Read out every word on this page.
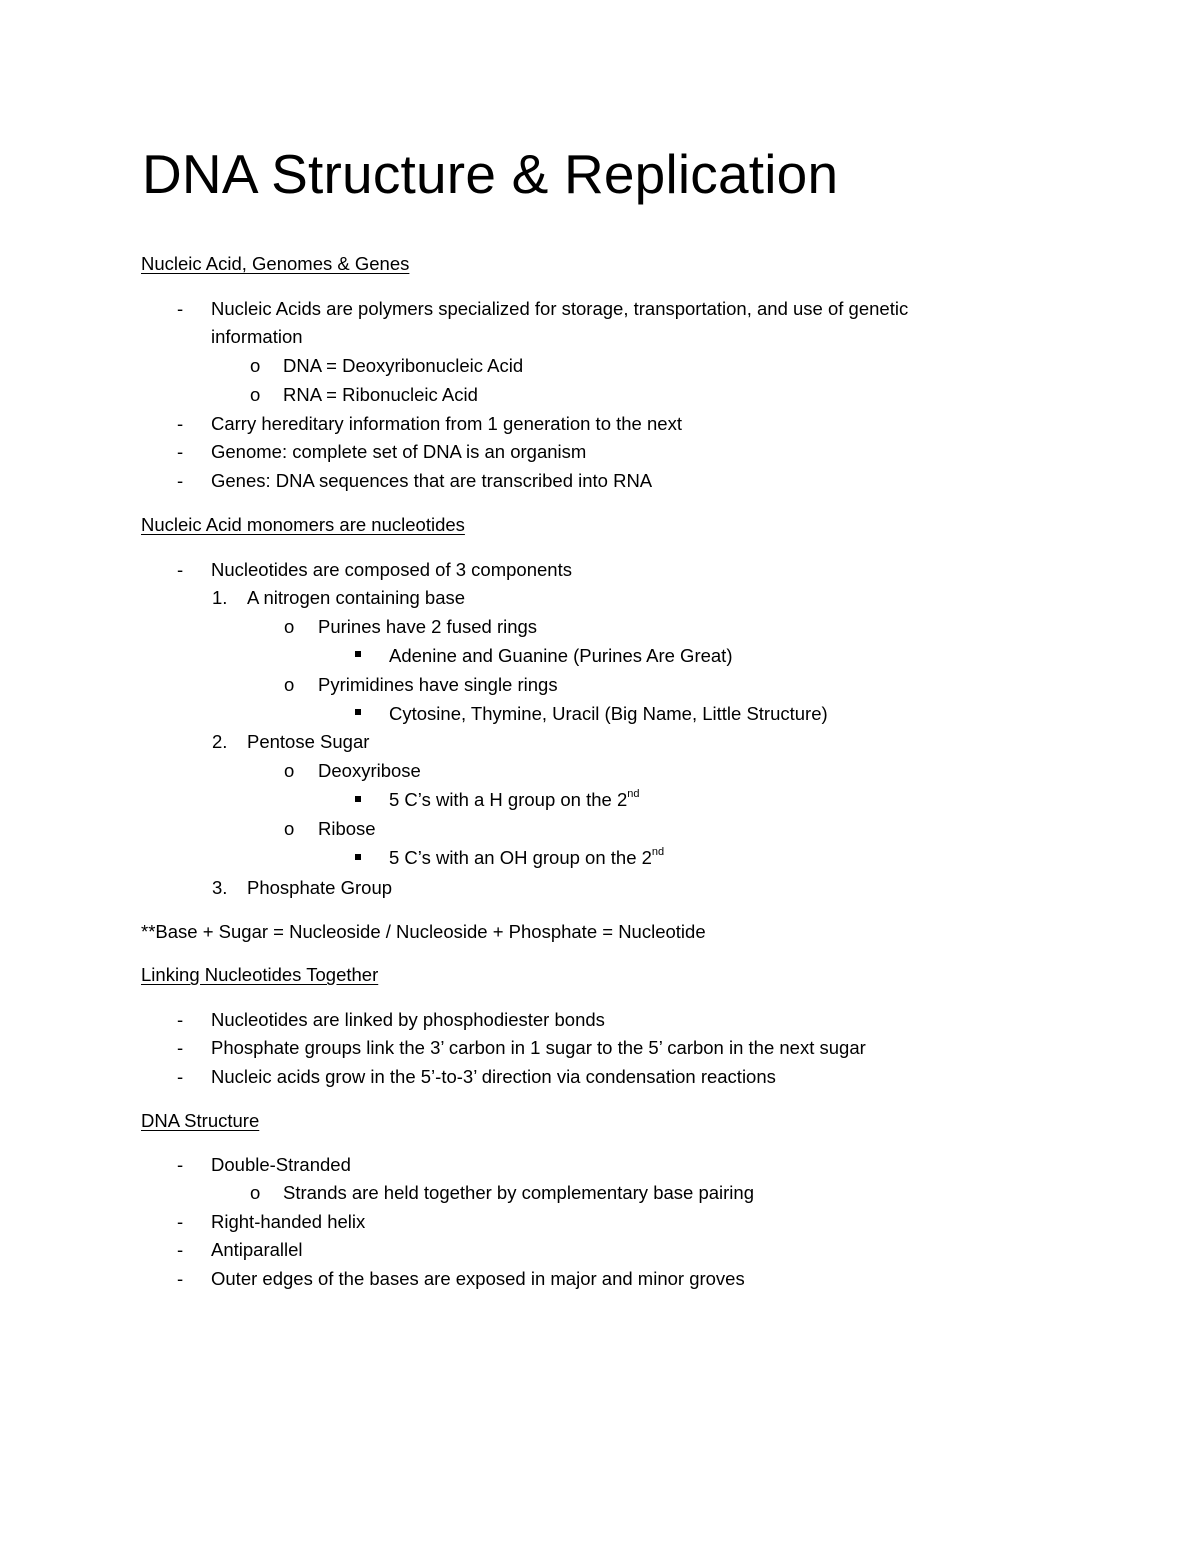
DNA Structure & Replication
Nucleic Acid, Genomes & Genes
- Nucleic Acids are polymers specialized for storage, transportation, and use of genetic
information
o DNA = Deoxyribonucleic Acid
o RNA = Ribonucleic Acid
- Carry hereditary information from 1 generation to the next
- Genome: complete set of DNA is an organism
- Genes: DNA sequences that are transcribed into RNA
Nucleic Acid monomers are nucleotides
- Nucleotides are composed of 3 components
1. A nitrogen containing base
o Purines have 2 fused rings
Adenine and Guanine (Purines Are Great)
o Pyrimidines have single rings
Cytosine, Thymine, Uracil (Big Name, Little Structure)
2. Pentose Sugar
o Deoxyribose
5 C’s with a H group on the 2nd
o Ribose
5 C’s with an OH group on the 2nd
3. Phosphate Group
**Base + Sugar = Nucleoside / Nucleoside + Phosphate = Nucleotide
Linking Nucleotides Together
- Nucleotides are linked by phosphodiester bonds
- Phosphate groups link the 3’ carbon in 1 sugar to the 5’ carbon in the next sugar
- Nucleic acids grow in the 5’-to-3’ direction via condensation reactions
DNA Structure
- Double-Stranded
o Strands are held together by complementary base pairing
- Right-handed helix
- Antiparallel
- Outer edges of the bases are exposed in major and minor groves
